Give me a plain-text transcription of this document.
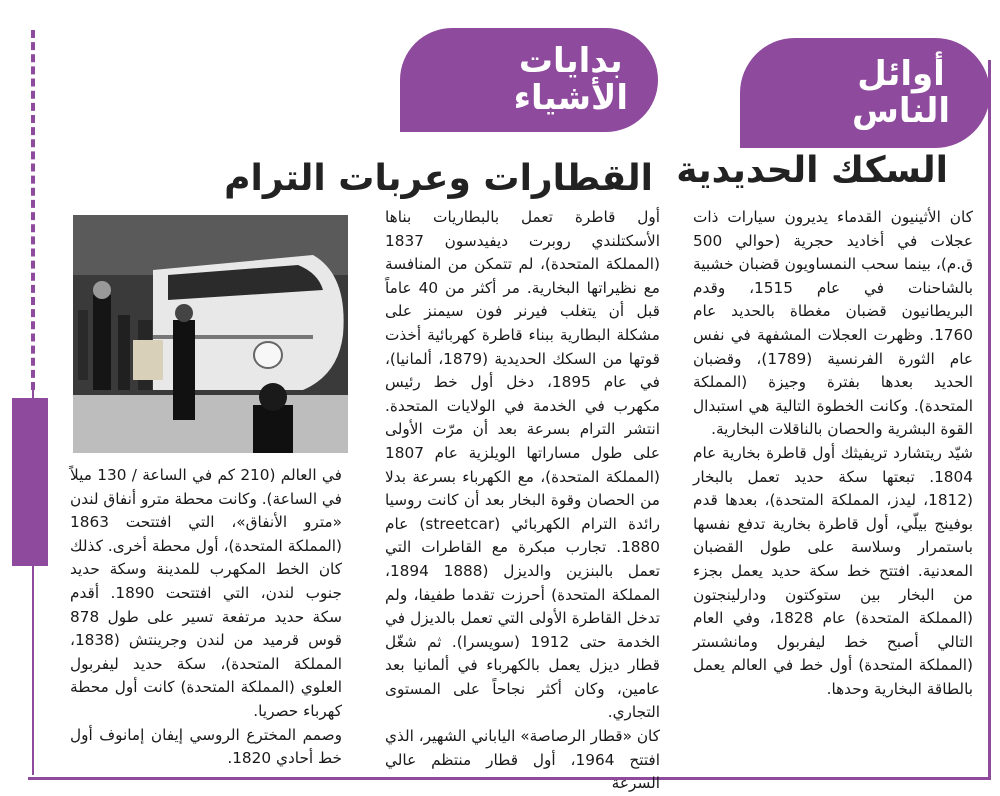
أوائل
الناس
بدايات
الأشياء
السكك الحديدية
القطارات وعربات الترام

كان الأثينيون القدماء يديرون سيارات ذات عجلات في أخاديد حجرية (حوالي 500 ق.م)، بينما سحب النمساويون قضبان خشبية بالشاحنات في عام 1515، وقدم البريطانيون قضبان مغطاة بالحديد عام 1760. وظهرت العجلات المشفهة في نفس عام الثورة الفرنسية (1789)، وقضبان الحديد بعدها بفترة وجيزة (المملكة المتحدة). وكانت الخطوة التالية هي استبدال القوة البشرية والحصان بالناقلات البخارية.

شيّد ريتشارد تريفيثك أول قاطرة بخارية عام 1804. تبعتها سكة حديد تعمل بالبخار (1812، ليدز، المملكة المتحدة)، بعدها قدم بوفينج بيلّي، أول قاطرة بخارية تدفع نفسها باستمرار وسلاسة على طول القضبان المعدنية. افتتح خط سكة حديد يعمل بجزء من البخار بين ستوكتون ودارلينجتون (المملكة المتحدة) عام 1828، وفي العام التالي أصبح خط ليفربول ومانشستر (المملكة المتحدة) أول خط في العالم يعمل بالطاقة البخارية وحدها.

أول قاطرة تعمل بالبطاريات بناها الأسكتلندي روبرت ديفيدسون 1837 (المملكة المتحدة)، لم تتمكن من المنافسة مع نظيراتها البخارية. مر أكثر من 40 عاماً قبل أن يتغلب فيرنر فون سيمنز على مشكلة البطارية ببناء قاطرة كهربائية أخذت قوتها من السكك الحديدية (1879، ألمانيا)، في عام 1895، دخل أول خط رئيس مكهرب في الخدمة في الولايات المتحدة. انتشر الترام بسرعة بعد أن مرّت الأولى على طول مساراتها الويلزية عام 1807 (المملكة المتحدة)، مع الكهرباء بسرعة بدلا من الحصان وقوة البخار بعد أن كانت روسيا رائدة الترام الكهربائي (streetcar) عام 1880. تجارب مبكرة مع القاطرات التي تعمل بالبنزين والديزل (1888 1894، المملكة المتحدة) أحرزت تقدما طفيفا، ولم تدخل القاطرة الأولى التي تعمل بالديزل في الخدمة حتى 1912 (سويسرا). ثم شغّل قطار ديزل يعمل بالكهرباء في ألمانيا بعد عامين، وكان أكثر نجاحاً على المستوى التجاري.

كان «قطار الرصاصة» الياباني الشهير، الذي افتتح 1964، أول قطار منتظم عالي السرعة

في العالم (210 كم في الساعة / 130 ميلاً في الساعة). وكانت محطة مترو أنفاق لندن «مترو الأنفاق»، التي افتتحت 1863 (المملكة المتحدة)، أول محطة أخرى. كذلك كان الخط المكهرب للمدينة وسكة حديد جنوب لندن، التي افتتحت 1890. أقدم سكة حديد مرتفعة تسير على طول 878 قوس قرميد من لندن وجرينتش (1838، المملكة المتحدة)، سكة حديد ليفربول العلوي (المملكة المتحدة) كانت أول محطة كهرباء حصريا.

وصمم المخترع الروسي إيفان إمانوف أول خط أحادي 1820.
